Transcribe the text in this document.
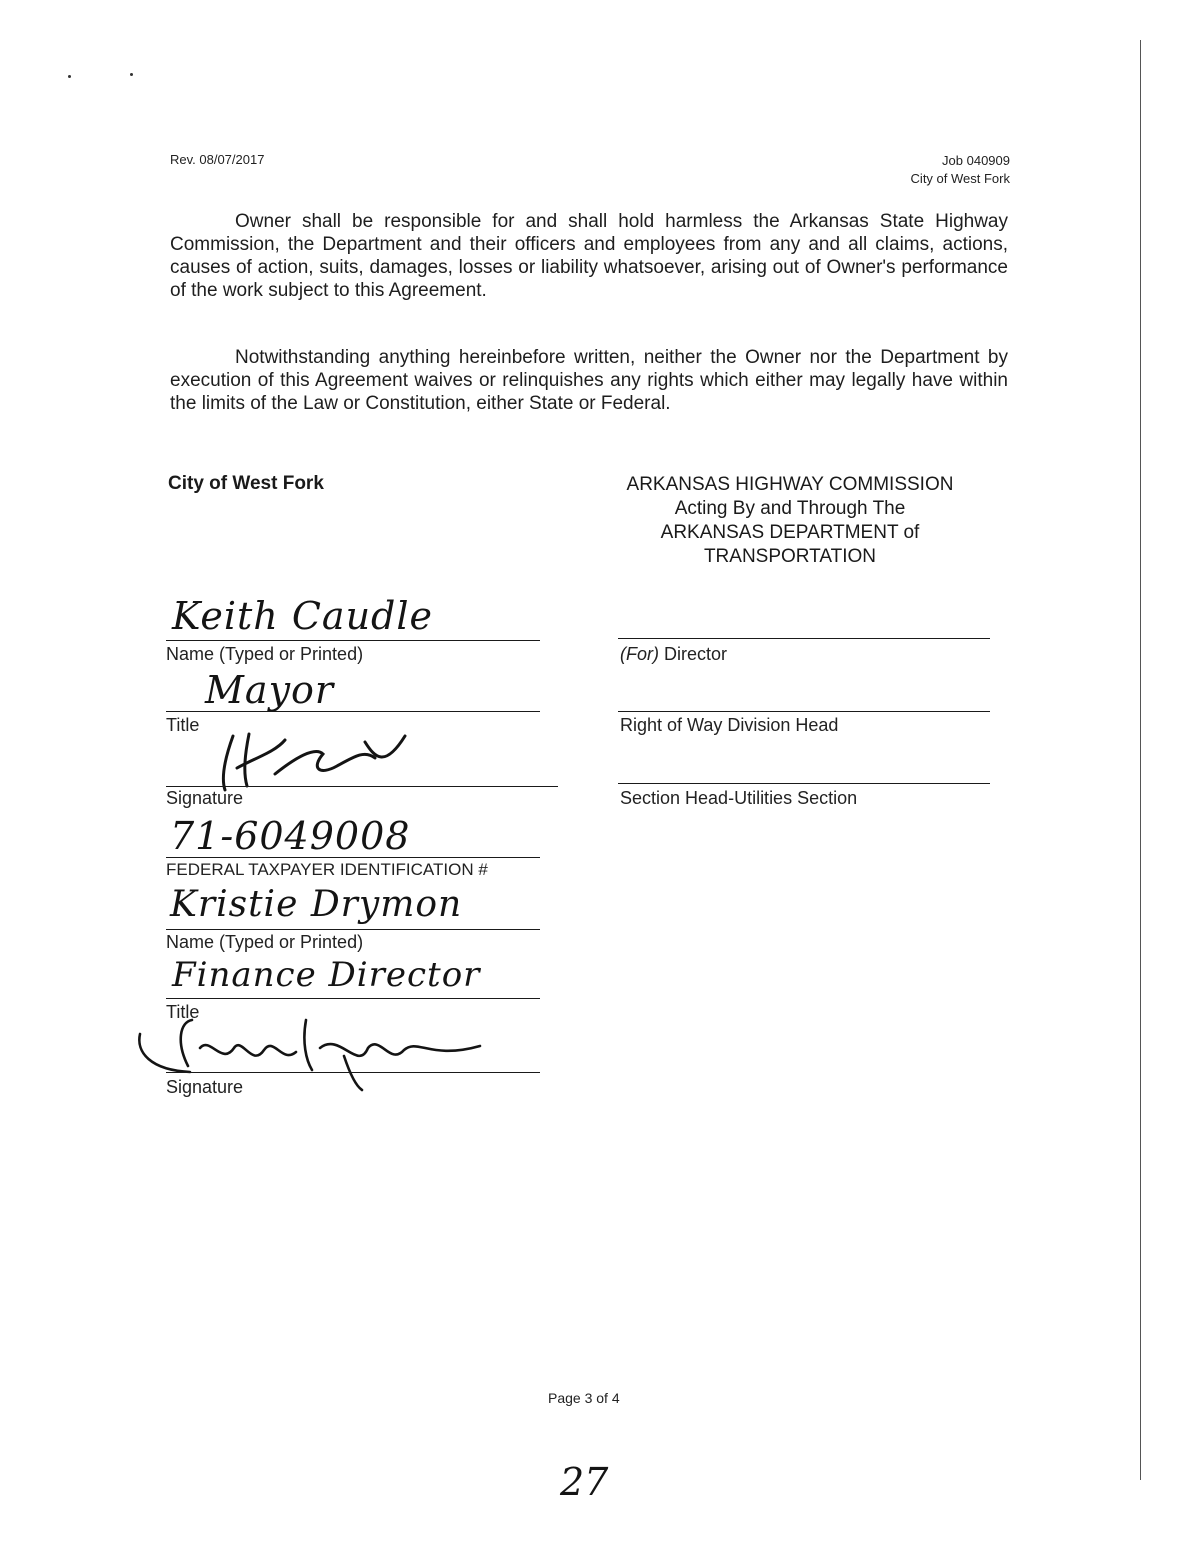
Rev. 08/07/2017	Job 040909
City of West Fork
Owner shall be responsible for and shall hold harmless the Arkansas State Highway Commission, the Department and their officers and employees from any and all claims, actions, causes of action, suits, damages, losses or liability whatsoever, arising out of Owner's performance of the work subject to this Agreement.
Notwithstanding anything hereinbefore written, neither the Owner nor the Department by execution of this Agreement waives or relinquishes any rights which either may legally have within the limits of the Law or Constitution, either State or Federal.
City of West Fork	ARKANSAS HIGHWAY COMMISSION
Acting By and Through The
ARKANSAS DEPARTMENT of
TRANSPORTATION
Keith Caudle
Name (Typed or Printed)
Mayor
Title
Signature
71-6049008
FEDERAL TAXPAYER IDENTIFICATION #
Kristie Drymon
Name (Typed or Printed)
Finance Director
Title
Signature
(For) Director
Right of Way Division Head
Section Head-Utilities Section
Page 3 of 4
27
